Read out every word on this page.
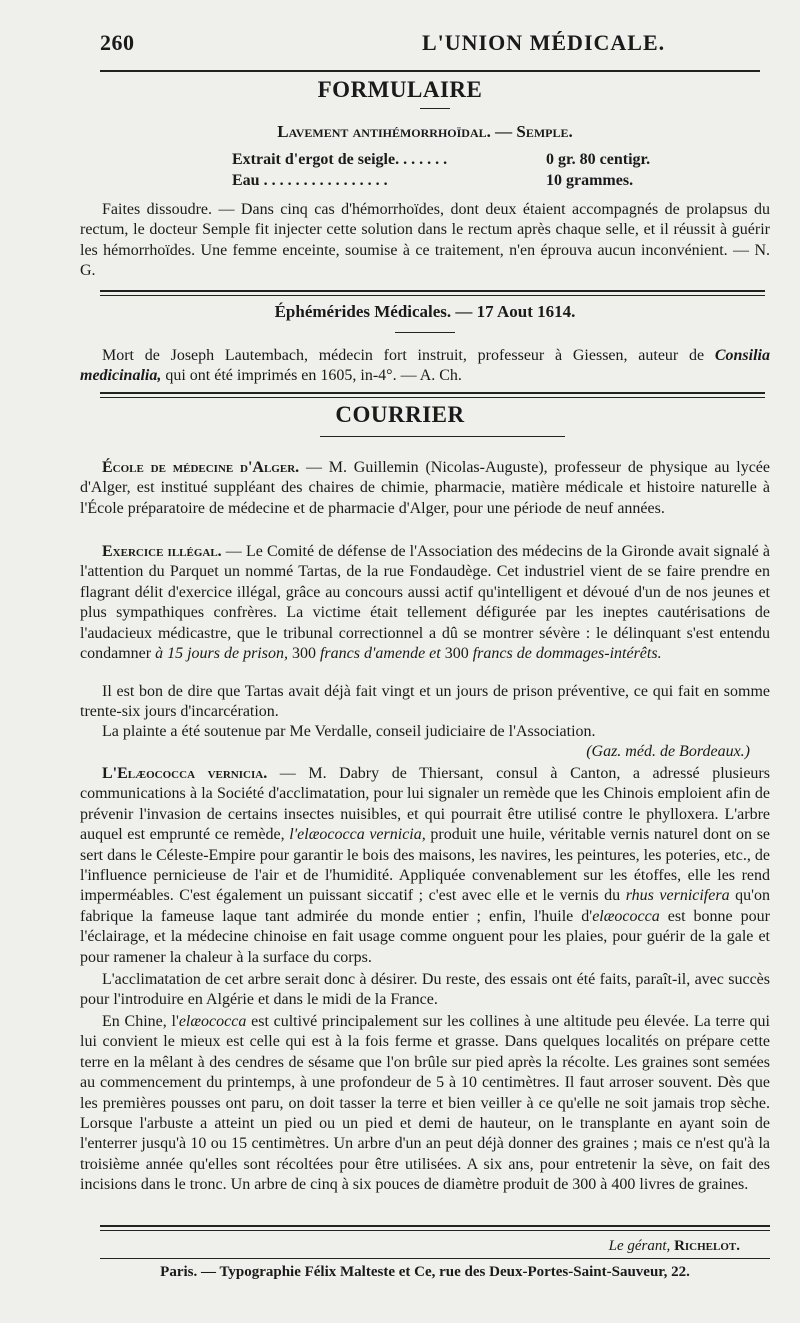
260	L'UNION MÉDICALE.
FORMULAIRE
Lavement antihémorrhoïdal. — Semple.
Extrait d'ergot de seigle. . . . . . .	0 gr. 80 centigr.
Eau . . . . . . . . . . . . . . . .	10 grammes.
Faites dissoudre. — Dans cinq cas d'hémorrhoïdes, dont deux étaient accompagnés de prolapsus du rectum, le docteur Semple fit injecter cette solution dans le rectum après chaque selle, et il réussit à guérir les hémorrhoïdes. Une femme enceinte, soumise à ce traitement, n'en éprouva aucun inconvénient. — N. G.
Éphémérides Médicales. — 17 Aout 1614.
Mort de Joseph Lautembach, médecin fort instruit, professeur à Giessen, auteur de Consilia medicinalia, qui ont été imprimés en 1605, in-4°. — A. Ch.
COURRIER
École de médecine d'Alger. — M. Guillemin (Nicolas-Auguste), professeur de physique au lycée d'Alger, est institué suppléant des chaires de chimie, pharmacie, matière médicale et histoire naturelle à l'École préparatoire de médecine et de pharmacie d'Alger, pour une période de neuf années.
Exercice illégal. — Le Comité de défense de l'Association des médecins de la Gironde avait signalé à l'attention du Parquet un nommé Tartas, de la rue Fondaudège. Cet industriel vient de se faire prendre en flagrant délit d'exercice illégal, grâce au concours aussi actif qu'intelligent et dévoué d'un de nos jeunes et plus sympathiques confrères. La victime était tellement défigurée par les ineptes cautérisations de l'audacieux médicastre, que le tribunal correctionnel a dû se montrer sévère : le délinquant s'est entendu condamner à 15 jours de prison, 300 francs d'amende et 300 francs de dommages-intérêts.
Il est bon de dire que Tartas avait déjà fait vingt et un jours de prison préventive, ce qui fait en somme trente-six jours d'incarcération.
La plainte a été soutenue par Me Verdalle, conseil judiciaire de l'Association.
(Gaz. méd. de Bordeaux.)
L'Elæococca vernicia. — M. Dabry de Thiersant, consul à Canton, a adressé plusieurs communications à la Société d'acclimatation, pour lui signaler un remède que les Chinois emploient afin de prévenir l'invasion de certains insectes nuisibles, et qui pourrait être utilisé contre le phylloxera. L'arbre auquel est emprunté ce remède, l'elæococca vernicia, produit une huile, véritable vernis naturel dont on se sert dans le Céleste-Empire pour garantir le bois des maisons, les navires, les peintures, les poteries, etc., de l'influence pernicieuse de l'air et de l'humidité. Appliquée convenablement sur les étoffes, elle les rend imperméables. C'est également un puissant siccatif ; c'est avec elle et le vernis du rhus vernicifera qu'on fabrique la fameuse laque tant admirée du monde entier ; enfin, l'huile d'elæococca est bonne pour l'éclairage, et la médecine chinoise en fait usage comme onguent pour les plaies, pour guérir de la gale et pour ramener la chaleur à la surface du corps.
L'acclimatation de cet arbre serait donc à désirer. Du reste, des essais ont été faits, paraît-il, avec succès pour l'introduire en Algérie et dans le midi de la France.
En Chine, l'elæococca est cultivé principalement sur les collines à une altitude peu élevée. La terre qui lui convient le mieux est celle qui est à la fois ferme et grasse. Dans quelques localités on prépare cette terre en la mêlant à des cendres de sésame que l'on brûle sur pied après la récolte. Les graines sont semées au commencement du printemps, à une profondeur de 5 à 10 centimètres. Il faut arroser souvent. Dès que les premières pousses ont paru, on doit tasser la terre et bien veiller à ce qu'elle ne soit jamais trop sèche. Lorsque l'arbuste a atteint un pied ou un pied et demi de hauteur, on le transplante en ayant soin de l'enterrer jusqu'à 10 ou 15 centimètres. Un arbre d'un an peut déjà donner des graines ; mais ce n'est qu'à la troisième année qu'elles sont récoltées pour être utilisées. A six ans, pour entretenir la sève, on fait des incisions dans le tronc. Un arbre de cinq à six pouces de diamètre produit de 300 à 400 livres de graines.
Le gérant, Richelot.
Paris. — Typographie Félix Malteste et Ce, rue des Deux-Portes-Saint-Sauveur, 22.
